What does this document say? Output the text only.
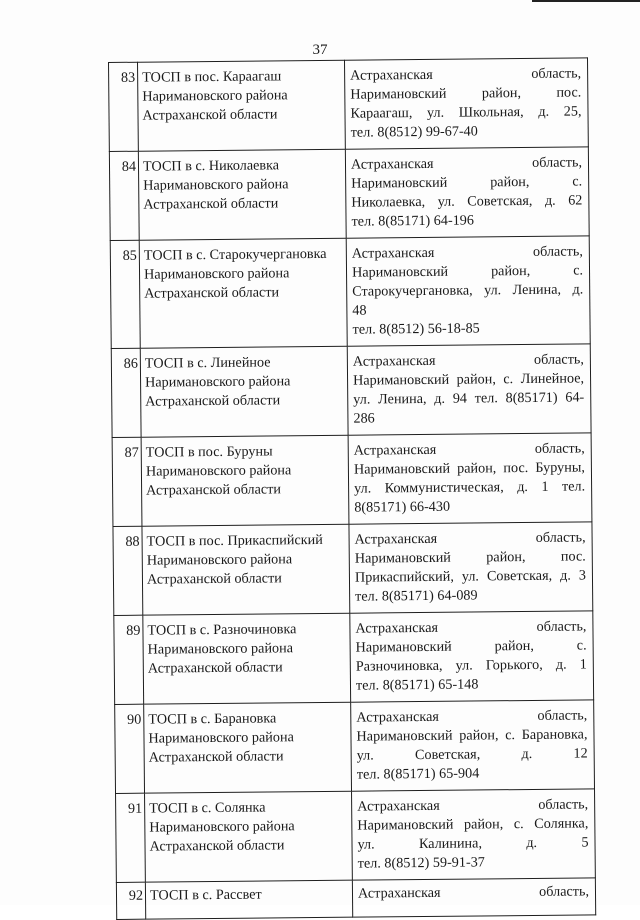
37
83	ТОСП в пос. Караагаш
Наримановского района
Астраханской области	Астраханская область,
Наримановский район, пос.
Караагаш, ул. Школьная, д. 25,
тел. 8(8512) 99-67-40

84	ТОСП в с. Николаевка
Наримановского района
Астраханской области	Астраханская область,
Наримановский район, с.
Николаевка, ул. Советская, д. 62
тел. 8(85171) 64-196

85	ТОСП в с. Старокучергановка
Наримановского района
Астраханской области	Астраханская область,
Наримановский район, с.
Старокучергановка, ул. Ленина, д.
48
тел. 8(8512) 56-18-85

86	ТОСП в с. Линейное
Наримановского района
Астраханской области	Астраханская область,
Наримановский район, с. Линейное,
ул. Ленина, д. 94 тел. 8(85171) 64-
286

87	ТОСП в пос. Буруны
Наримановского района
Астраханской области	Астраханская область,
Наримановский район, пос. Буруны,
ул. Коммунистическая, д. 1 тел.
8(85171) 66-430

88	ТОСП в пос. Прикаспийский
Наримановского района
Астраханской области	Астраханская область,
Наримановский район, пос.
Прикаспийский, ул. Советская, д. 3
тел. 8(85171) 64-089

89	ТОСП в с. Разночиновка
Наримановского района
Астраханской области	Астраханская область,
Наримановский район, с.
Разночиновка, ул. Горького, д. 1
тел. 8(85171) 65-148

90	ТОСП в с. Барановка
Наримановского района
Астраханской области	Астраханская область,
Наримановский район, с. Барановка,
ул. Советская, д. 12
тел. 8(85171) 65-904

91	ТОСП в с. Солянка
Наримановского района
Астраханской области	Астраханская область,
Наримановский район, с. Солянка,
ул. Калинина, д. 5
тел. 8(8512) 59-91-37

92	ТОСП в с. Рассвет	Астраханская область,
